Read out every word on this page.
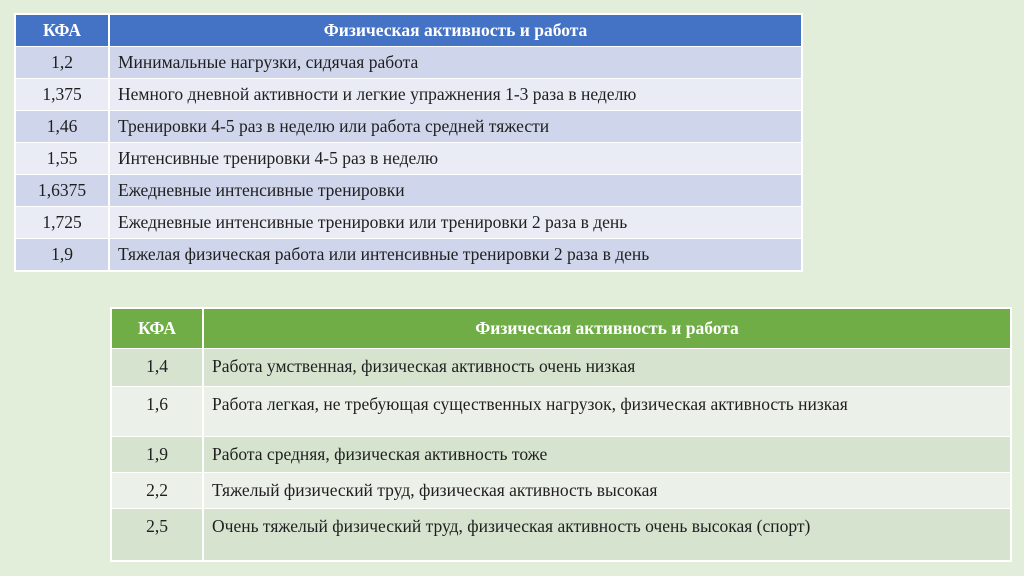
КФА	Физическая активность и работа
1,2	Минимальные нагрузки, сидячая работа
1,375	Немного дневной активности и легкие упражнения 1-3 раза в неделю
1,46	Тренировки 4-5 раз в неделю или работа средней тяжести
1,55	Интенсивные тренировки 4-5 раз в неделю
1,6375	Ежедневные интенсивные тренировки
1,725	Ежедневные интенсивные тренировки или тренировки 2 раза в день
1,9	Тяжелая физическая работа или интенсивные тренировки 2 раза в день
КФА	Физическая активность и работа
1,4	Работа умственная, физическая активность очень низкая
1,6	Работа легкая, не требующая существенных нагрузок, физическая активность низкая
1,9	Работа средняя, физическая активность тоже
2,2	Тяжелый физический труд, физическая активность высокая
2,5	Очень тяжелый физический труд, физическая активность очень высокая (спорт)
